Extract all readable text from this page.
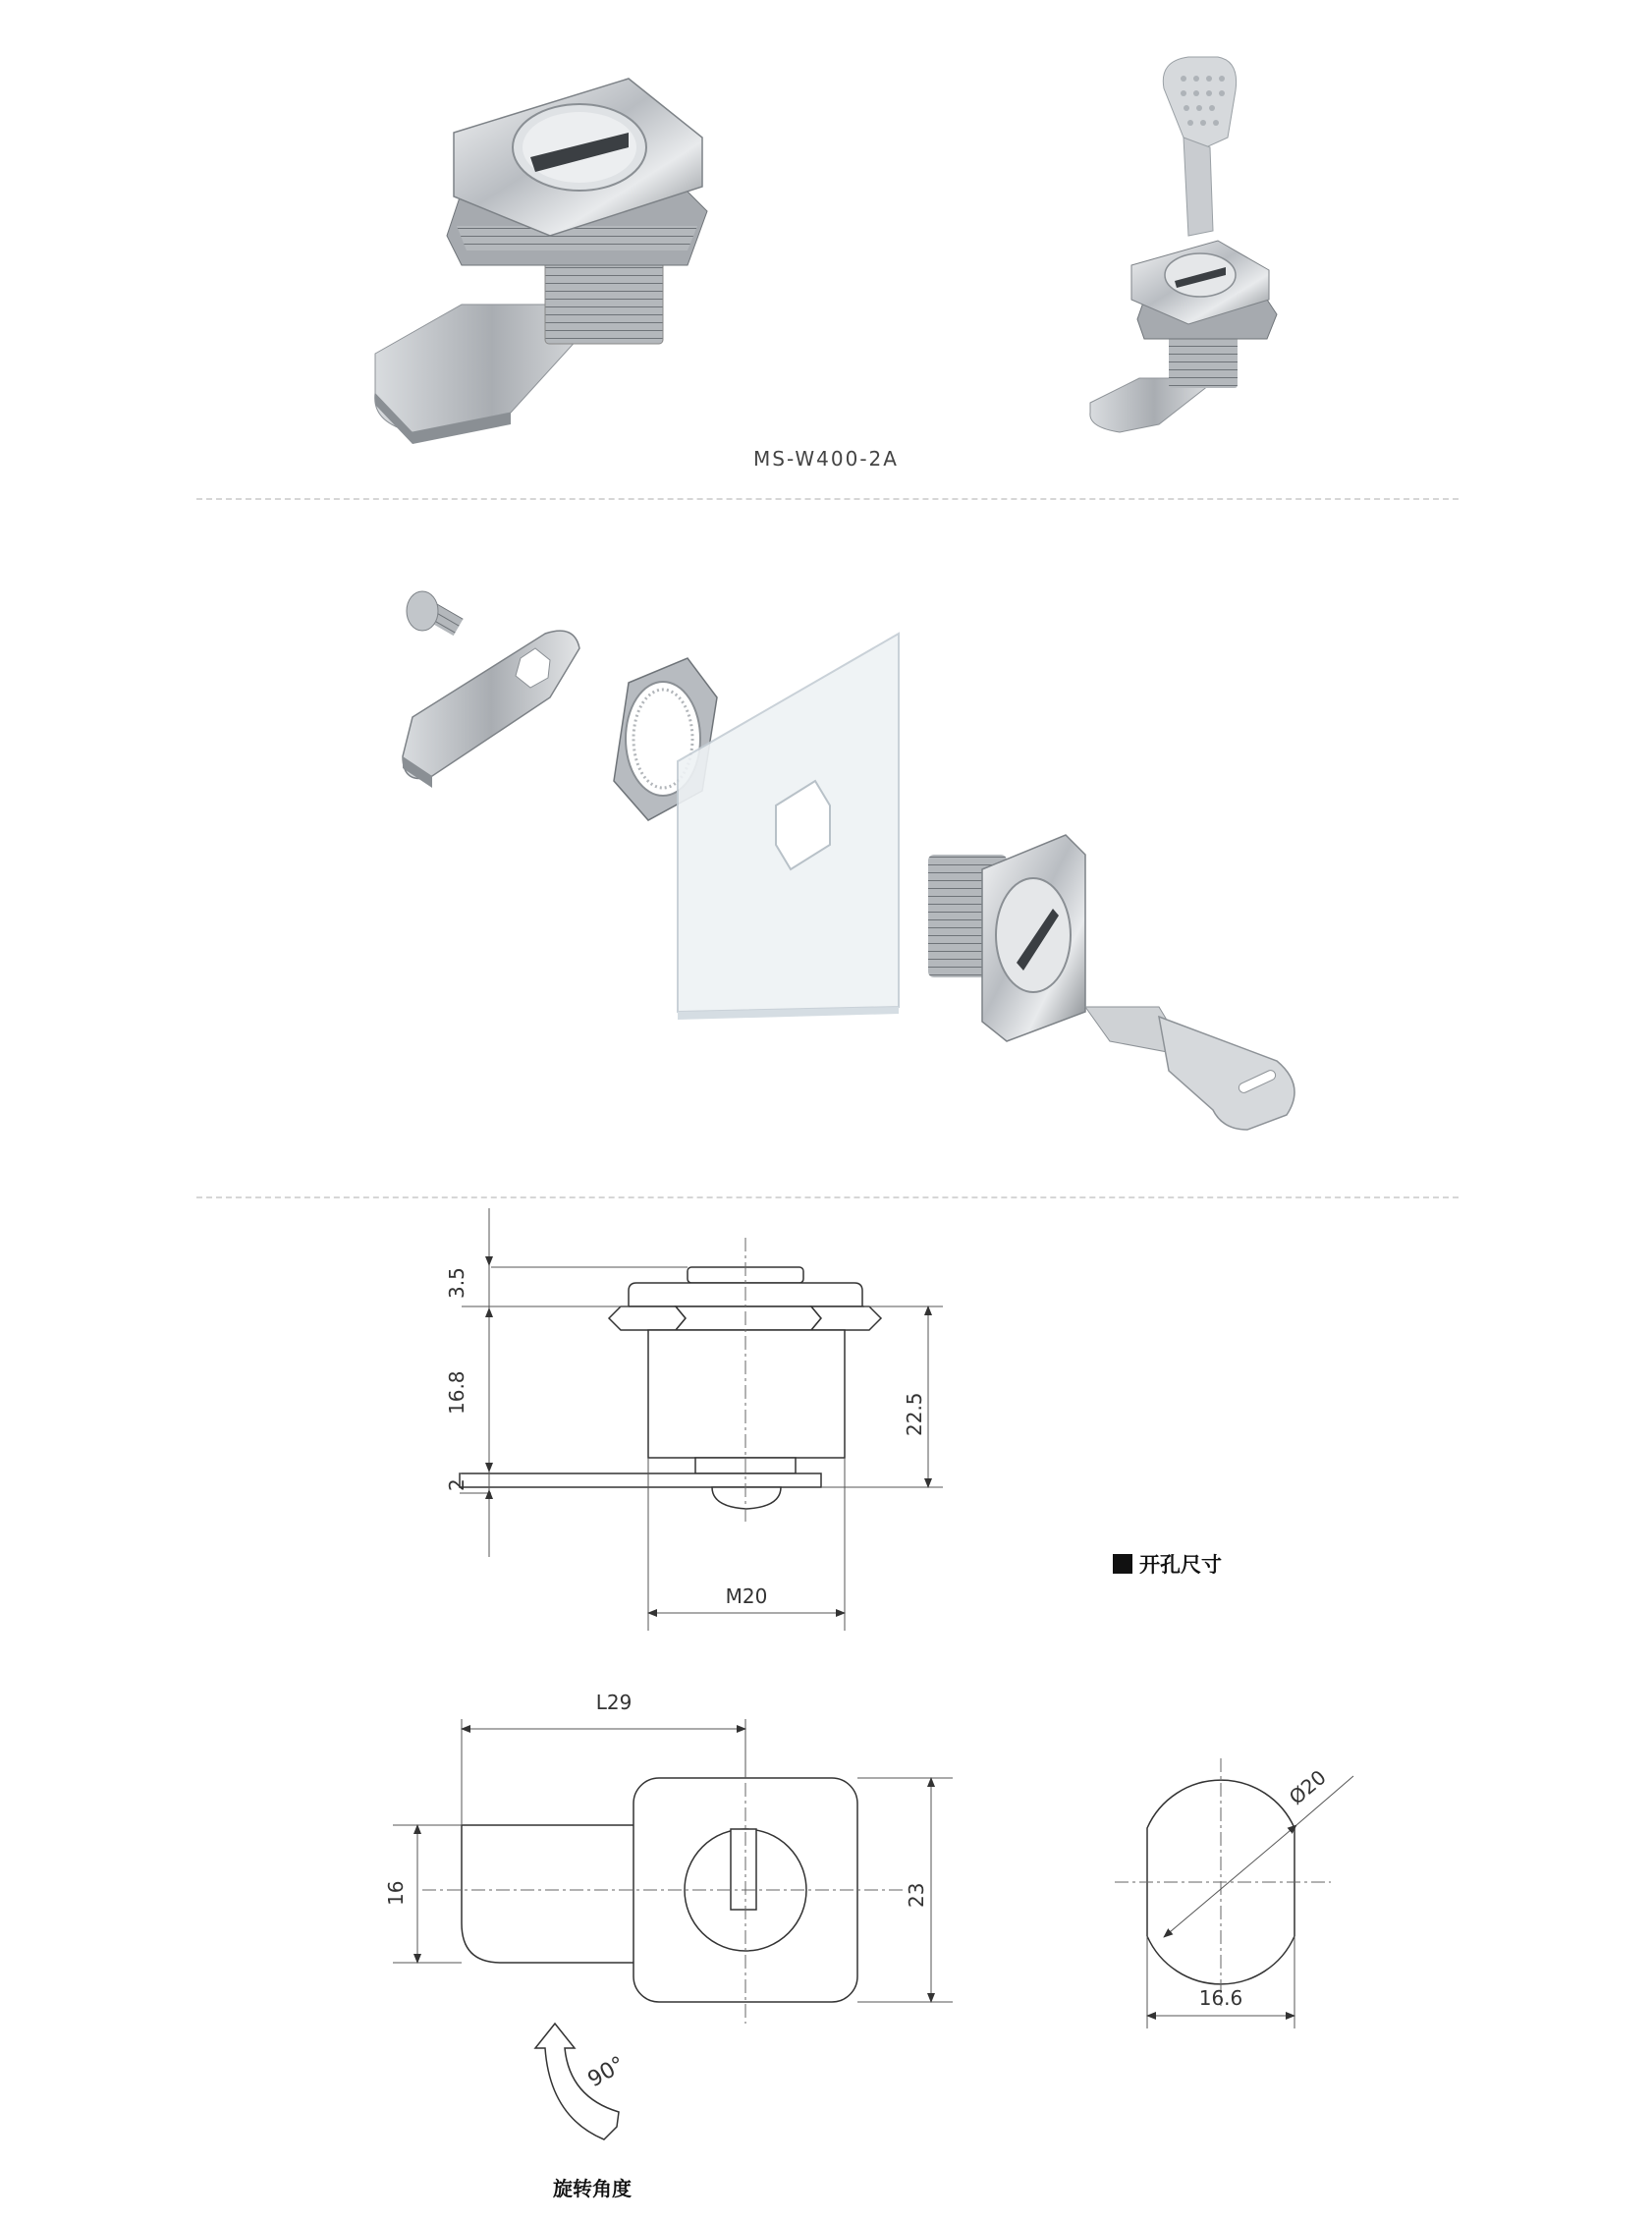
MS-W400-2A
3.5
16.8
2
22.5
M20
L29
16	23
90°
旋转角度
开孔尺寸
Ø20
16.6
